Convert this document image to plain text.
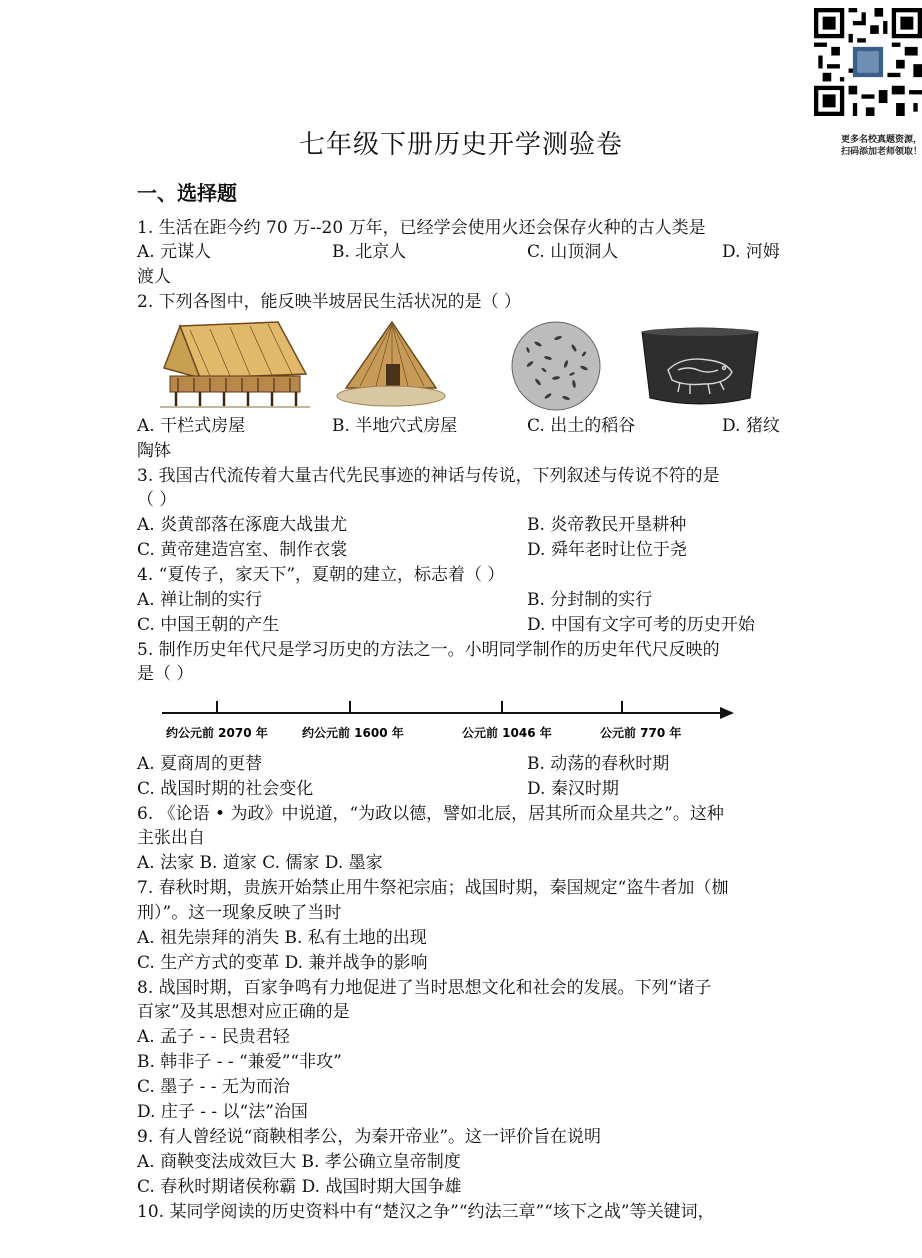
更多名校真题资源，
扫码添加老师领取！
七年级下册历史开学测验卷
一、选择题
1. 生活在距今约 70 万--20 万年，已经学会使用火还会保存火种的古人类是
A. 元谋人	B. 北京人	C. 山顶洞人	D. 河姆
渡人
2. 下列各图中，能反映半坡居民生活状况的是（ ）
A. 干栏式房屋	B. 半地穴式房屋	C. 出土的稻谷	D. 猪纹
陶钵
3. 我国古代流传着大量古代先民事迹的神话与传说，下列叙述与传说不符的是
（ ）
A. 炎黄部落在涿鹿大战蚩尤	B. 炎帝教民开垦耕种
C. 黄帝建造宫室、制作衣裳	D. 舜年老时让位于尧
4. “夏传子，家天下”，夏朝的建立，标志着（ ）
A. 禅让制的实行	B. 分封制的实行
C. 中国王朝的产生	D. 中国有文字可考的历史开始
5. 制作历史年代尺是学习历史的方法之一。小明同学制作的历史年代尺反映的
是（ ）
约公元前 2070 年	约公元前 1600 年	公元前 1046 年	公元前 770 年
A. 夏商周的更替	B. 动荡的春秋时期
C. 战国时期的社会变化	D. 秦汉时期
6. 《论语 • 为政》中说道，“为政以德，譬如北辰，居其所而众星共之”。这种
主张出自
A. 法家 B. 道家 C. 儒家 D. 墨家
7. 春秋时期，贵族开始禁止用牛祭祀宗庙；战国时期，秦国规定“盗牛者加（枷
刑）”。这一现象反映了当时
A. 祖先崇拜的消失 B. 私有土地的出现
C. 生产方式的变革 D. 兼并战争的影响
8. 战国时期，百家争鸣有力地促进了当时思想文化和社会的发展。下列“诸子
百家”及其思想对应正确的是
A. 孟子 - - 民贵君轻
B. 韩非子 - - “兼爱”“非攻”
C. 墨子 - - 无为而治
D. 庄子 - - 以“法”治国
9. 有人曾经说“商鞅相孝公，为秦开帝业”。这一评价旨在说明
A. 商鞅变法成效巨大 B. 孝公确立皇帝制度
C. 春秋时期诸侯称霸 D. 战国时期大国争雄
10. 某同学阅读的历史资料中有“楚汉之争”“约法三章”“垓下之战”等关键词，
